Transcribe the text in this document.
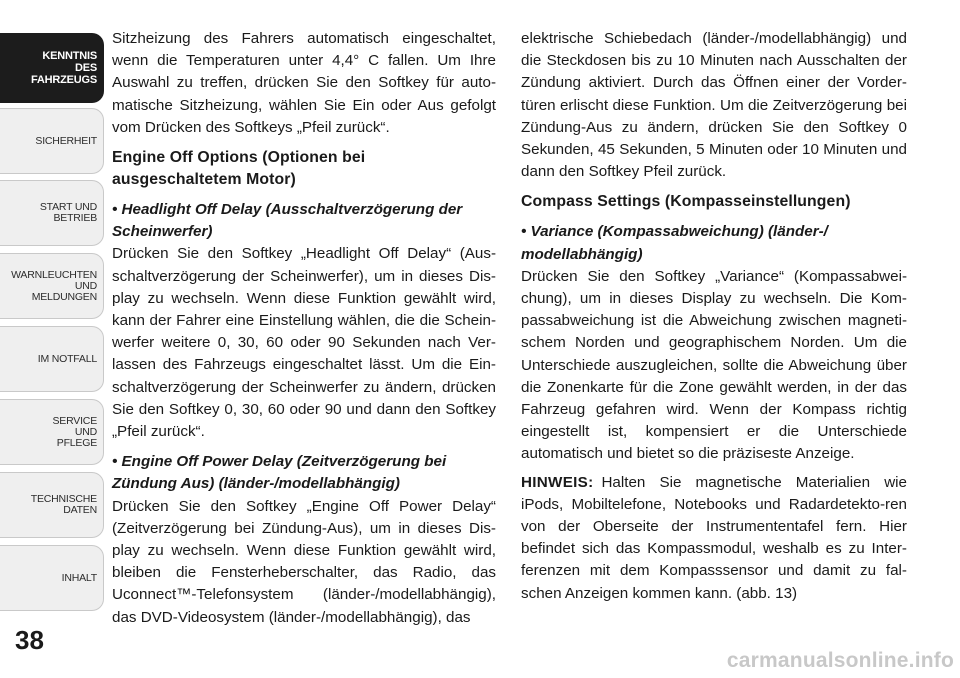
KENNTNIS
DES
FAHRZEUGS
SICHERHEIT
START UND
BETRIEB
WARNLEUCHTEN
UND
MELDUNGEN
IM NOTFALL
SERVICE
UND
PFLEGE
TECHNISCHE
DATEN
INHALT
38

Sitzheizung des Fahrers automatisch eingeschaltet, wenn die Temperaturen unter 4,4° C fallen. Um Ihre Auswahl zu treffen, drücken Sie den Softkey für auto-matische Sitzheizung, wählen Sie Ein oder Aus gefolgt vom Drücken des Softkeys „Pfeil zurück“.

Engine Off Options (Optionen bei ausgeschaltetem Motor)
• Headlight Off Delay (Ausschaltverzögerung der Scheinwerfer)

Drücken Sie den Softkey „Headlight Off Delay“ (Aus-schaltverzögerung der Scheinwerfer), um in dieses Dis-play zu wechseln. Wenn diese Funktion gewählt wird, kann der Fahrer eine Einstellung wählen, die die Schein-werfer weitere 0, 30, 60 oder 90 Sekunden nach Ver-lassen des Fahrzeugs eingeschaltet lässt. Um die Ein-schaltverzögerung der Scheinwerfer zu ändern, drücken Sie den Softkey 0, 30, 60 oder 90 und dann den Softkey „Pfeil zurück“.

• Engine Off Power Delay (Zeitverzögerung bei Zündung Aus) (länder-/modellabhängig)

Drücken Sie den Softkey „Engine Off Power Delay“ (Zeitverzögerung bei Zündung-Aus), um in dieses Dis-play zu wechseln. Wenn diese Funktion gewählt wird, bleiben die Fensterheberschalter, das Radio, das Uconnect™-Telefonsystem (länder-/modellabhängig), das DVD-Videosystem (länder-/modellabhängig), das

elektrische Schiebedach (länder-/modellabhängig) und die Steckdosen bis zu 10 Minuten nach Ausschalten der Zündung aktiviert. Durch das Öffnen einer der Vorder-türen erlischt diese Funktion. Um die Zeitverzögerung bei Zündung-Aus zu ändern, drücken Sie den Softkey 0 Sekunden, 45 Sekunden, 5 Minuten oder 10 Minuten und dann den Softkey Pfeil zurück.

Compass Settings (Kompasseinstellungen)
• Variance (Kompassabweichung) (länder-/ modellabhängig)

Drücken Sie den Softkey „Variance“ (Kompassabwei-chung), um in dieses Display zu wechseln. Die Kom-passabweichung ist die Abweichung zwischen magneti-schem Norden und geographischem Norden. Um die Unterschiede auszugleichen, sollte die Abweichung über die Zonenkarte für die Zone gewählt werden, in der das Fahrzeug gefahren wird. Wenn der Kompass richtig eingestellt ist, kompensiert er die Unterschiede automatisch und bietet so die präziseste Anzeige.

HINWEIS: Halten Sie magnetische Materialien wie iPods, Mobiltelefone, Notebooks und Radardetekto-ren von der Oberseite der Instrumententafel fern. Hier befindet sich das Kompassmodul, weshalb es zu Inter-ferenzen mit dem Kompasssensor und damit zu fal-schen Anzeigen kommen kann. (abb. 13)

carmanualsonline.info
